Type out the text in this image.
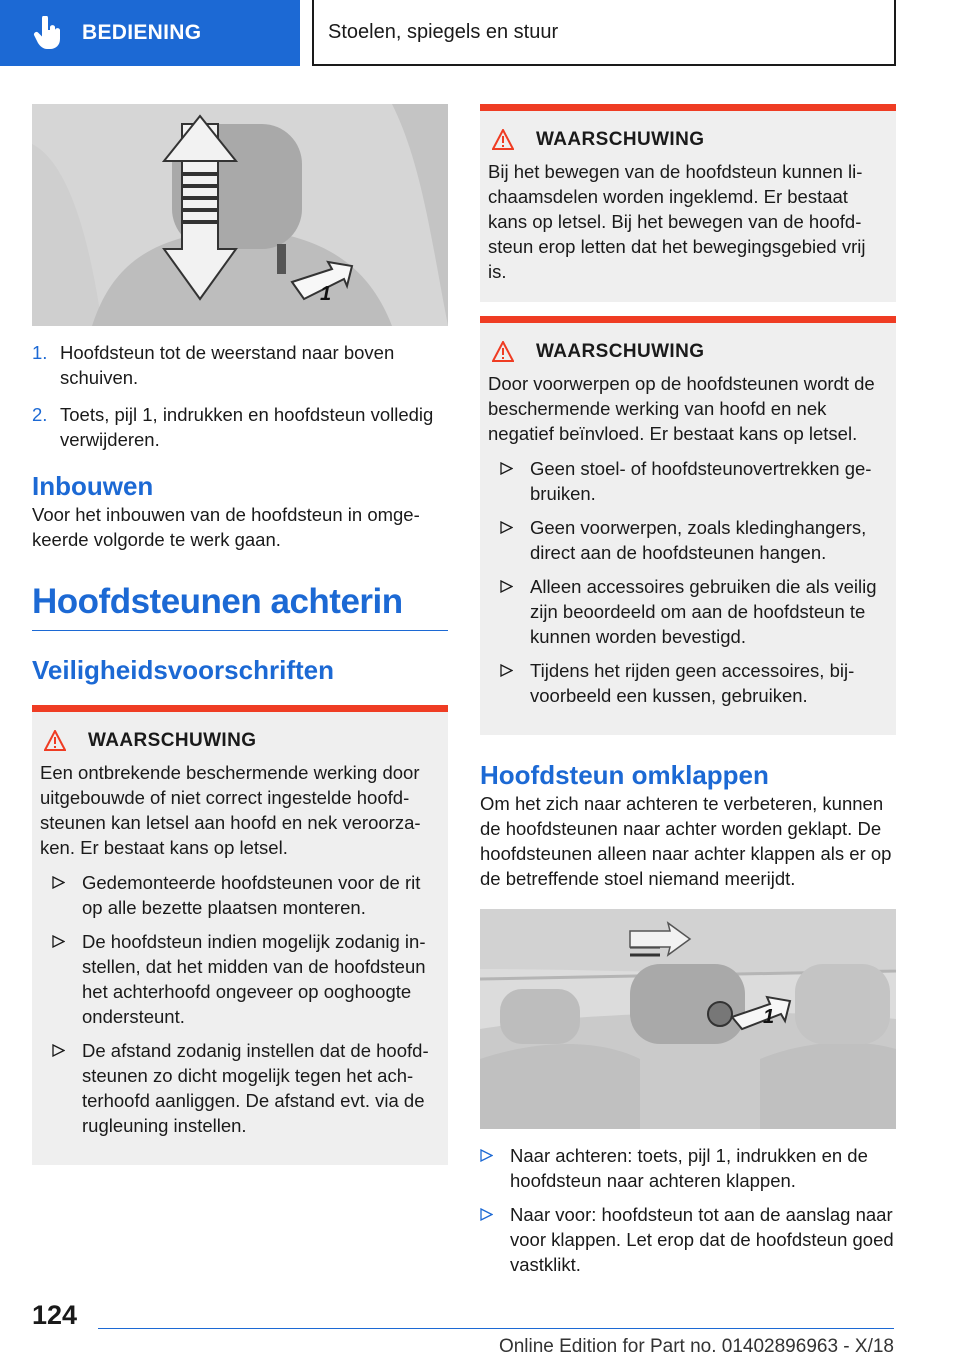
BEDIENING	Stoelen, spiegels en stuur
1
1. Hoofdsteun tot de weerstand naar boven schuiven.
2. Toets, pijl 1, indrukken en hoofdsteun volledig verwijderen.
Inbouwen

Voor het inbouwen van de hoofdsteun in omgekeerde volgorde te werk gaan.

Hoofdsteunen achterin
Veiligheidsvoorschriften
WAARSCHUWING

Een ontbrekende beschermende werking door uitgebouwde of niet correct ingestelde hoofdsteunen kan letsel aan hoofd en nek veroorzaken. Er bestaat kans op letsel.

Gedemonteerde hoofdsteunen voor de rit op alle bezette plaatsen monteren.
De hoofdsteun indien mogelijk zodanig instellen, dat het midden van de hoofdsteun het achterhoofd ongeveer op ooghoogte ondersteunt.
De afstand zodanig instellen dat de hoofdsteunen zo dicht mogelijk tegen het achterhoofd aanliggen. De afstand evt. via de rugleuning instellen.
WAARSCHUWING

Bij het bewegen van de hoofdsteun kunnen lichaamsdelen worden ingeklemd. Er bestaat kans op letsel. Bij het bewegen van de hoofdsteun erop letten dat het bewegingsgebied vrij is.

WAARSCHUWING

Door voorwerpen op de hoofdsteunen wordt de beschermende werking van hoofd en nek negatief beïnvloed. Er bestaat kans op letsel.

Geen stoel- of hoofdsteunovertrekken gebruiken.
Geen voorwerpen, zoals kledinghangers, direct aan de hoofdsteunen hangen.
Alleen accessoires gebruiken die als veilig zijn beoordeeld om aan de hoofdsteun te kunnen worden bevestigd.
Tijdens het rijden geen accessoires, bijvoorbeeld een kussen, gebruiken.
Hoofdsteun omklappen

Om het zich naar achteren te verbeteren, kunnen de hoofdsteunen naar achter worden geklapt. De hoofdsteunen alleen naar achter klappen als er op de betreffende stoel niemand meerijdt.

1
Naar achteren: toets, pijl 1, indrukken en de hoofdsteun naar achteren klappen.
Naar voor: hoofdsteun tot aan de aanslag naar voor klappen. Let erop dat de hoofdsteun goed vastklikt.
124
Online Edition for Part no. 01402896963 - X/18
